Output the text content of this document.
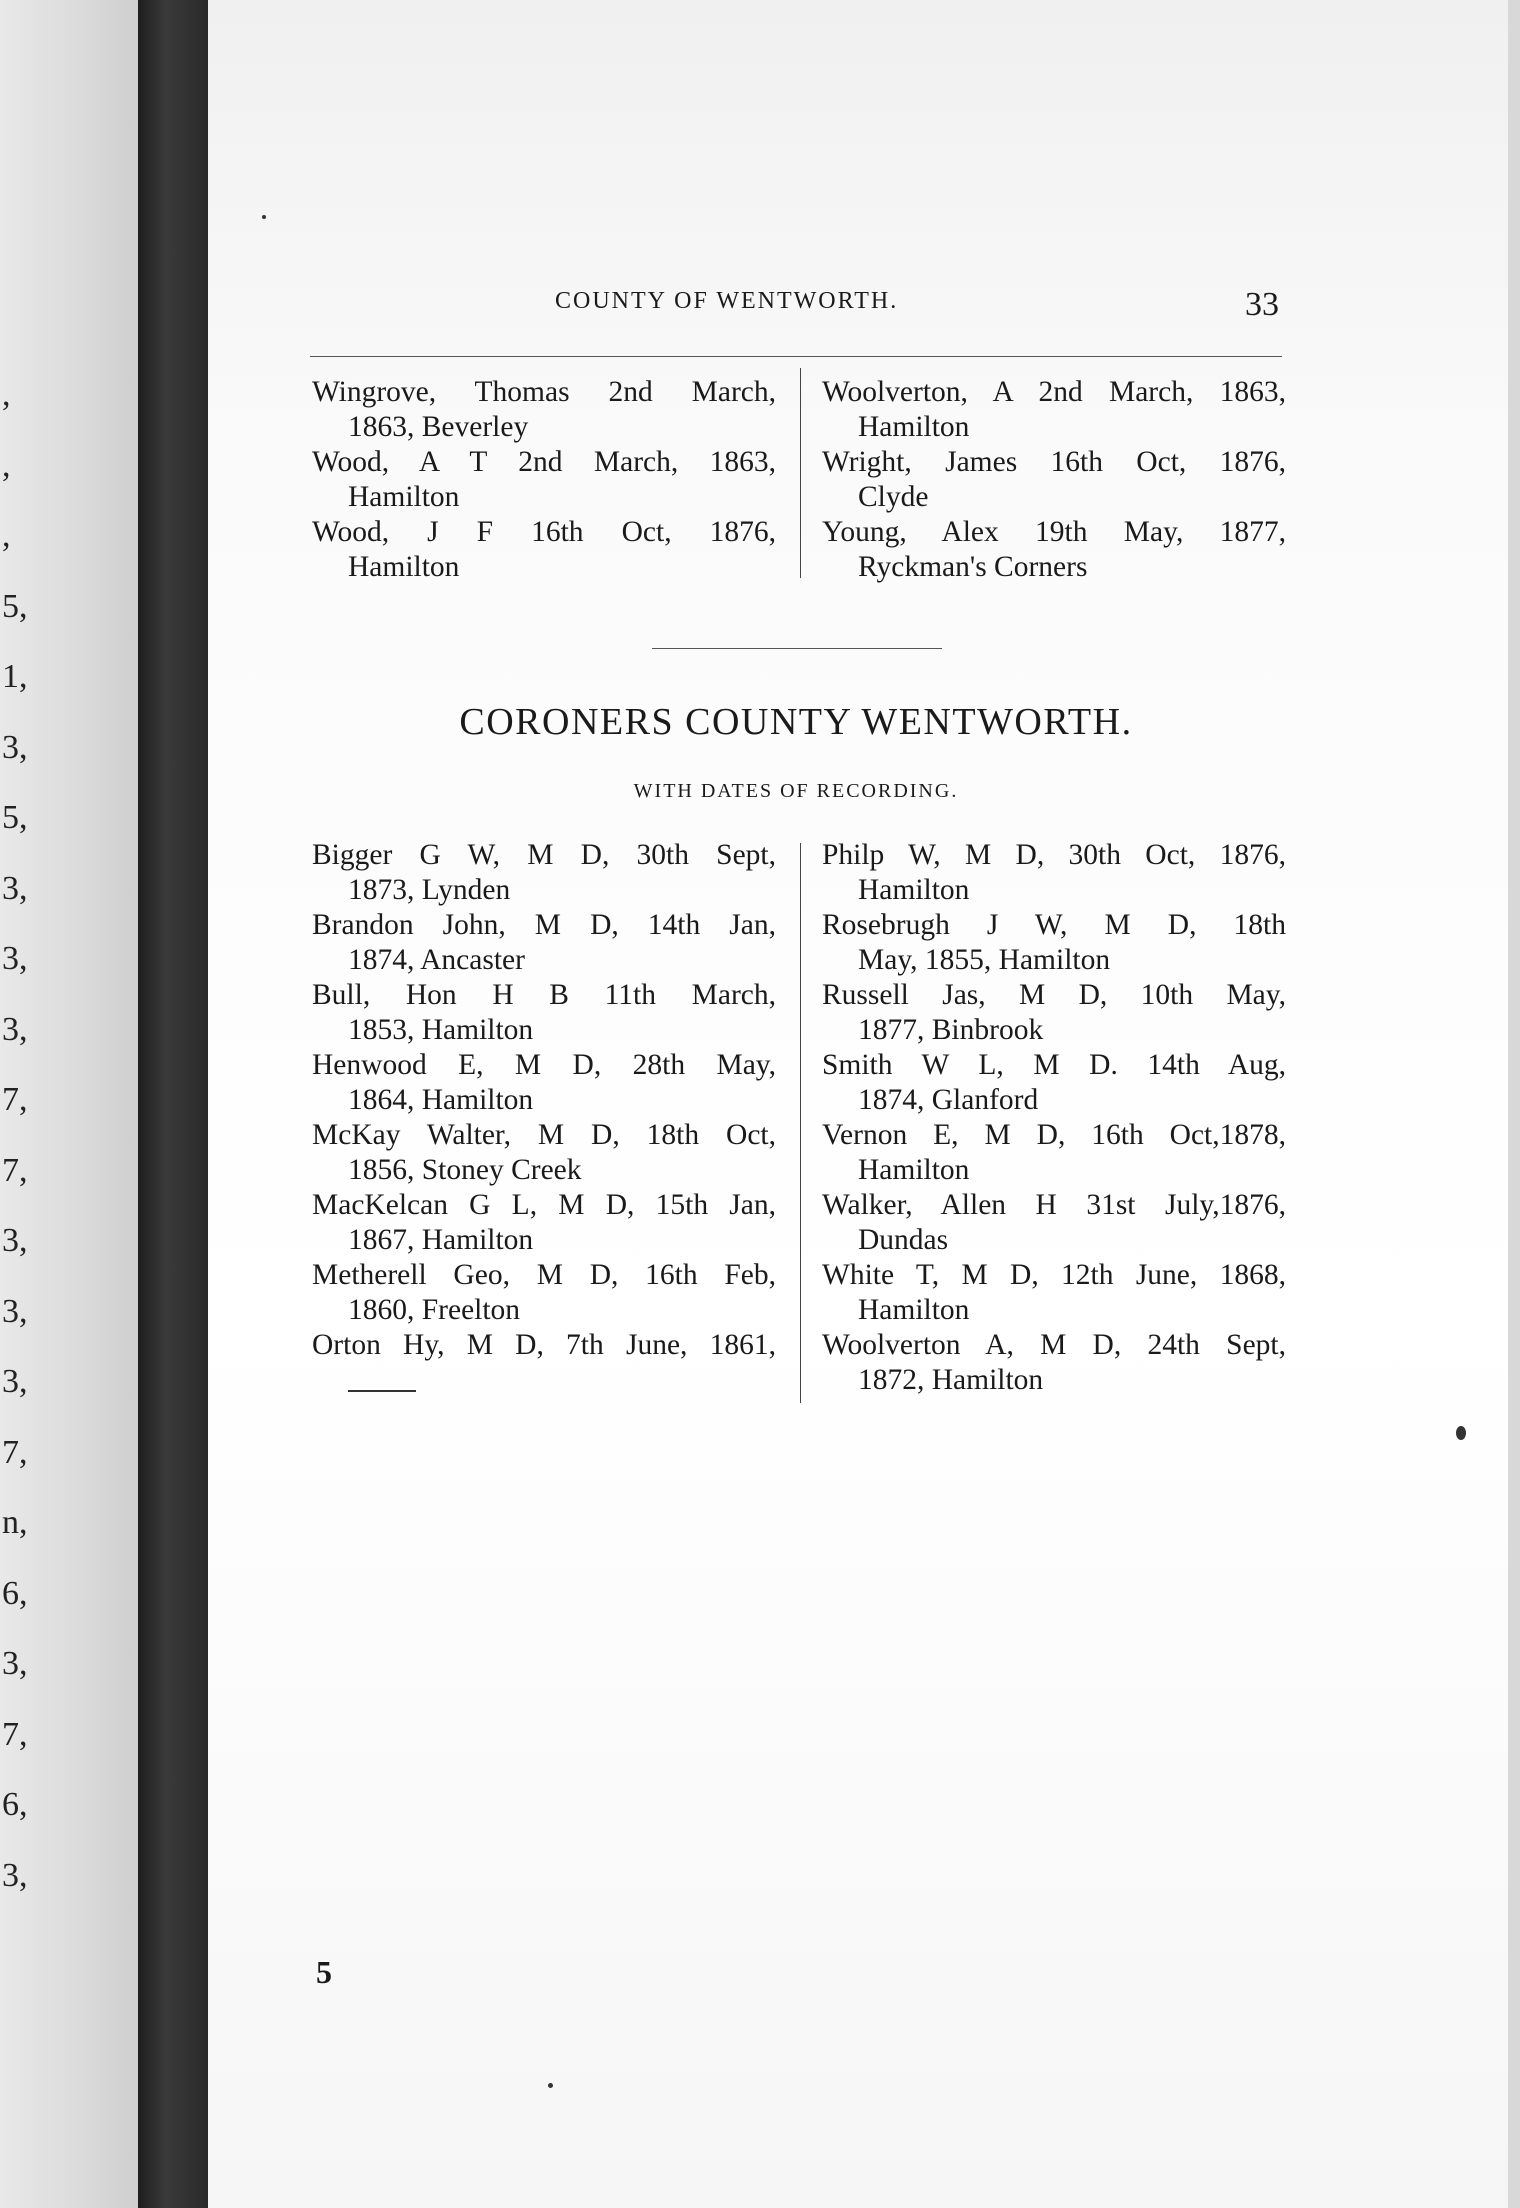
,
,
,
5,
1,
3,
5,
3,
3,
3,
7,
7,
3,
3,
3,
7,
n,
6,
3,
7,
6,
3,
COUNTY OF WENTWORTH.	33
Wingrove, Thomas 2nd March,
1863, Beverley
Wood, A T 2nd March, 1863,
Hamilton
Wood, J F 16th Oct, 1876,
Hamilton
Woolverton, A 2nd March, 1863,
Hamilton
Wright, James 16th Oct, 1876,
Clyde
Young, Alex 19th May, 1877,
Ryckman's Corners
CORONERS COUNTY WENTWORTH.
WITH DATES OF RECORDING.
Bigger G W, M D, 30th Sept,
1873, Lynden
Brandon John, M D, 14th Jan,
1874, Ancaster
Bull, Hon H B 11th March,
1853, Hamilton
Henwood E, M D, 28th May,
1864, Hamilton
McKay Walter, M D, 18th Oct,
1856, Stoney Creek
MacKelcan G L, M D, 15th Jan,
1867, Hamilton
Metherell Geo, M D, 16th Feb,
1860, Freelton
Orton Hy, M D, 7th June, 1861,

Philp W, M D, 30th Oct, 1876,
Hamilton
Rosebrugh J W, M D, 18th
May, 1855, Hamilton
Russell Jas, M D, 10th May,
1877, Binbrook
Smith W L, M D. 14th Aug,
1874, Glanford
Vernon E, M D, 16th Oct,1878,
Hamilton
Walker, Allen H 31st July,1876,
Dundas
White T, M D, 12th June, 1868,
Hamilton
Woolverton A, M D, 24th Sept,
1872, Hamilton
5
